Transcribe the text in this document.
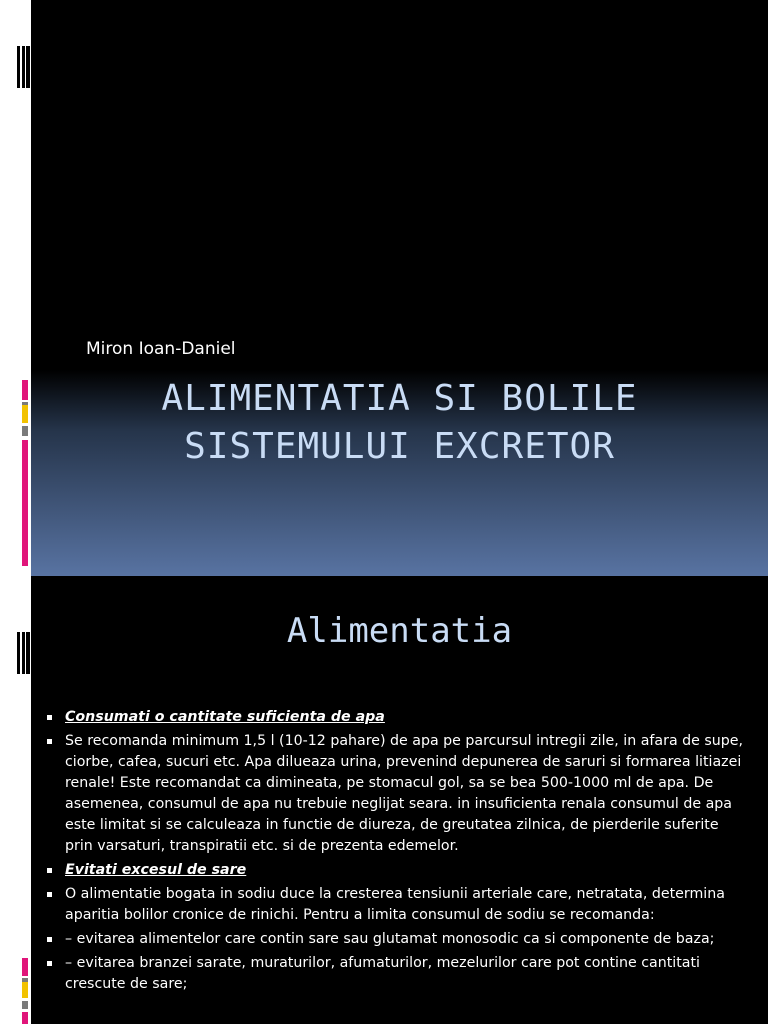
Miron Ioan-Daniel
ALIMENTATIA SI BOLILE
SISTEMULUI EXCRETOR
Alimentatia
Consumati o cantitate suficienta de apa
Se recomanda minimum 1,5 l (10-12 pahare) de apa pe parcursul intregii zile, in afara de supe, ciorbe, cafea, sucuri etc. Apa dilueaza urina, prevenind depunerea de saruri si formarea litiazei renale! Este recomandat ca dimineata, pe stomacul gol, sa se bea 500-1000 ml de apa. De asemenea, consumul de apa nu trebuie neglijat seara. in insuficienta renala consumul de apa este limitat si se calculeaza in functie de diureza, de greutatea zilnica, de pierderile suferite prin varsaturi, transpiratii etc. si de prezenta edemelor.
Evitati excesul de sare
O alimentatie bogata in sodiu duce la cresterea tensiunii arteriale care, netratata, determina aparitia bolilor cronice de rinichi. Pentru a limita consumul de sodiu se recomanda:
– evitarea alimentelor care contin sare sau glutamat monosodic ca si componente de baza;
– evitarea branzei sarate, muraturilor, afumaturilor, mezelurilor care pot contine cantitati crescute de sare;
